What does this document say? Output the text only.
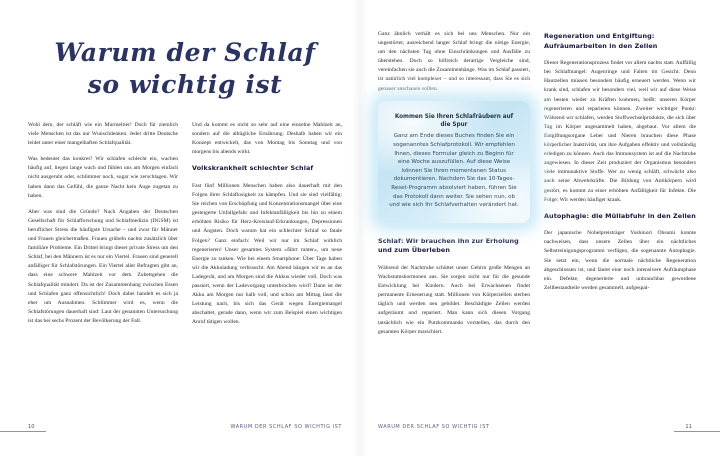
Warum der Schlaf
so wichtig ist

Wohl dem, der schläft wie ein Murmeltier! Doch für ziemlich viele Menschen ist das nur Wunschdenken. Jeder dritte Deutsche leidet unter einer mangelhaften Schlafqualität.

Was bedeutet das konkret? Wir schlafen schlecht ein, wachen häufig auf, liegen lange wach und fühlen uns am Morgen einfach nicht ausgeruht oder, schlimmer noch, sogar wie zerschlagen. Wir haben dann das Gefühl, die ganze Nacht kein Auge zugetan zu haben.

Aber was sind die Gründe? Nach Angaben der Deutschen Gesellschaft für Schlafforschung und Schlafmedizin (DGSM) ist beruflicher Stress die häufigste Ursache – und zwar für Männer und Frauen gleichermaßen. Frauen grübeln nachts zusätzlich über familiäre Probleme. Ein Drittel bringt dieser private Stress um den Schlaf, bei den Männern ist es nur ein Viertel. Frauen sind generell anfälliger für Schlafstörungen. Ein Viertel aller Befragten gibt an, dass eine schwere Mahlzeit vor dem Zubettgehen die Schlafqualität mindert. Da ist der Zusammenhang zwischen Essen und Schlafen ganz offensichtlich! Doch dabei handelt es sich ja eher um Ausnahmen. Schlimmer wird es, wenn die Schlafstörungen dauerhaft sind: Laut der genannten Untersuchung ist das bei sechs Prozent der Bevölkerung der Fall.

Und da kommt es nicht so sehr auf eine einzelne Mahlzeit an, sondern auf die alltägliche Ernährung. Deshalb haben wir ein Konzept entwickelt, das von Montag bis Sonntag und von morgens bis abends wirkt.

Volkskrankheit schlechter Schlaf

Fast fünf Millionen Menschen haben also dauerhaft mit den Folgen ihrer Schlaflosigkeit zu kämpfen. Und sie sind vielfältig: Sie reichen von Erschöpfung und Konzentrationsmangel über eine gesteigerte Unfallgefahr und Infektanfälligkeit bis hin zu einem erhöhten Risiko für Herz-Kreislauf-Erkrankungen, Depressionen und Ängsten. Doch warum hat ein schlechter Schlaf so fatale Folgen? Ganz einfach: Weil wir nur im Schlaf wirklich regenerieren! Unser gesamtes System »fährt runter«, um neue Energie zu tanken. Wie bei einem Smartphone: Über Tage haben wir die Akkuladung verbraucht. Am Abend hängen wir es an das Ladegerät, und am Morgen sind die Akkus wieder voll. Doch was passiert, wenn der Ladevorgang unterbrochen wird? Dann ist der Akku am Morgen nur halb voll, und schon am Mittag lässt die Leistung nach, bis sich das Gerät wegen Energiemangel abschaltet, gerade dann, wenn wir zum Beispiel einen wichtigen Anruf tätigen wollen.

10	WARUM DER SCHLAF SO WICHTIG IST

Ganz ähnlich verhält es sich bei uns Menschen. Nur ein ungestörter, ausreichend langer Schlaf bringt die nötige Energie, um den nächsten Tag ohne Einschränkungen und Ausfälle zu überstehen. Doch so hilfreich derartige Vergleiche sind, vereinfachen sie auch die Zusammenhänge. Was im Schlaf passiert, ist natürlich viel komplexer – und so interessant, dass Sie es sich genauer anschauen sollten.

Kommen Sie Ihren Schlafräubern auf die Spur

Ganz am Ende dieses Buches finden Sie ein sogenanntes Schlafprotokoll. Wir empfehlen Ihnen, dieses Formular gleich zu Beginn für eine Woche auszufüllen. Auf diese Weise können Sie Ihren momentanen Status dokumentieren. Nachdem Sie das 10-Tages-Reset-Programm absolviert haben, führen Sie das Protokoll dann weiter. Sie sehen nun, ob und wie sich Ihr Schlafverhalten verändert hat.

Schlaf: Wir brauchen ihn zur Erholung und zum Überleben

Während der Nachtruhe schüttet unser Gehirn große Mengen an Wachstumshormonen aus. Sie sorgen nicht nur für die gesunde Entwicklung bei Kindern. Auch bei Erwachsenen findet permanente Erneuerung statt. Millionen von Körperzellen sterben täglich und werden neu gebildet. Beschädigte Zellen werden aufgeräumt und repariert. Man kann sich diesen Vorgang tatsächlich wie ein Putzkommando vorstellen, das durch den gesamten Körper marschiert.

Regeneration und Entgiftung: Aufräumarbeiten in den Zellen

Dieser Regenerationsprozess findet vor allem nachts statt. Auffällig bei Schlafmangel: Augenringe und Falten im Gesicht. Denn Hautzellen müssen besonders häufig erneuert werden. Wenn wir krank sind, schlafen wir besonders viel, weil wir auf diese Weise am besten wieder zu Kräften kommen, heißt: unseren Körper regenerieren und reparieren können. Zweiter wichtiger Punkt: Während wir schlafen, werden Stoffwechselprodukte, die sich über Tag im Körper angesammelt haben, abgebaut. Vor allem die Entgiftungsorgane Leber und Nieren brauchen diese Phase körperlicher Inaktivität, um ihre Aufgaben effektiv und vollständig erledigen zu können. Auch das Immunsystem ist auf die Nachtruhe angewiesen. In dieser Zeit produziert der Organismus besonders viele immunaktive Stoffe. Wer zu wenig schläft, schwächt also auch seine Abwehrkräfte. Die Bildung von Antikörpern wird gestört, es kommt zu einer erhöhten Anfälligkeit für Infekte. Die Folge: Wir werden häufiger krank.

Autophagie: die Müllabfuhr in den Zellen

Der japanische Nobelpreisträger Yoshinori Ohsumi konnte nachweisen, dass unsere Zellen über ein nächtliches Selbstreinigungsprogramm verfügen, die sogenannte Autophagie. Sie setzt ein, wenn die normale nächtliche Regeneration abgeschlossen ist, und läutet eine noch intensivere Aufräumphase ein. Defekte, degenerierte und unbrauchbar gewordene Zellbestandteile werden gesammelt, aufgespal-

11
WARUM DER SCHLAF SO WICHTIG IST
